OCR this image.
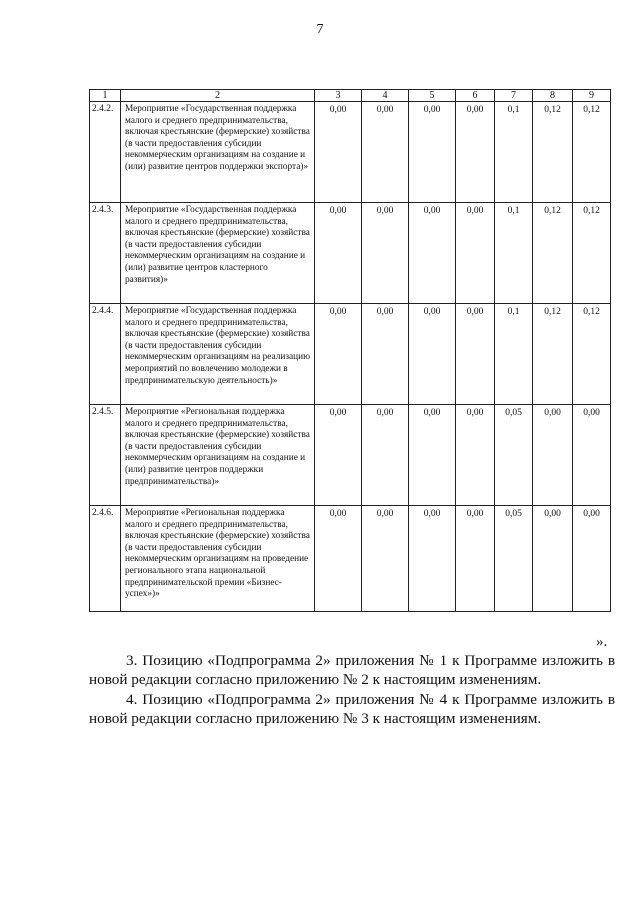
7
1	2	3	4	5	6	7	8	9
2.4.2.	Мероприятие «Государственная поддержка малого и среднего предпринимательства, включая крестьянские (фермерские) хозяйства (в части предоставления субсидии некоммерческим организациям на создание и (или) развитие центров поддержки экспорта)»	0,00	0,00	0,00	0,00	0,1	0,12	0,12
2.4.3.	Мероприятие «Государственная поддержка малого и среднего предпринимательства, включая крестьянские (фермерские) хозяйства (в части предоставления субсидии некоммерческим организациям на создание и (или) развитие центров кластерного развития)»	0,00	0,00	0,00	0,00	0,1	0,12	0,12
2.4.4.	Мероприятие «Государственная поддержка малого и среднего предпринимательства, включая крестьянские (фермерские) хозяйства (в части предоставления субсидии некоммерческим организациям на реализацию мероприятий по вовлечению молодежи в предпринимательскую деятельность)»	0,00	0,00	0,00	0,00	0,1	0,12	0,12
2.4.5.	Мероприятие «Региональная поддержка малого и среднего предпринимательства, включая крестьянские (фермерские) хозяйства (в части предоставления субсидии некоммерческим организациям на создание и (или) развитие центров поддержки предпринимательства)»	0,00	0,00	0,00	0,00	0,05	0,00	0,00
2.4.6.	Мероприятие «Региональная поддержка малого и среднего предпринимательства, включая крестьянские (фермерские) хозяйства (в части предоставления субсидии некоммерческим организациям на проведение регионального этапа национальной предпринимательской премии «Бизнес-успех»)»	0,00	0,00	0,00	0,00	0,05	0,00	0,00
».
3. Позицию «Подпрограмма 2» приложения № 1 к Программе изложить в новой редакции согласно приложению № 2 к настоящим изменениям.
4. Позицию «Подпрограмма 2» приложения № 4 к Программе изложить в новой редакции согласно приложению № 3 к настоящим изменениям.
